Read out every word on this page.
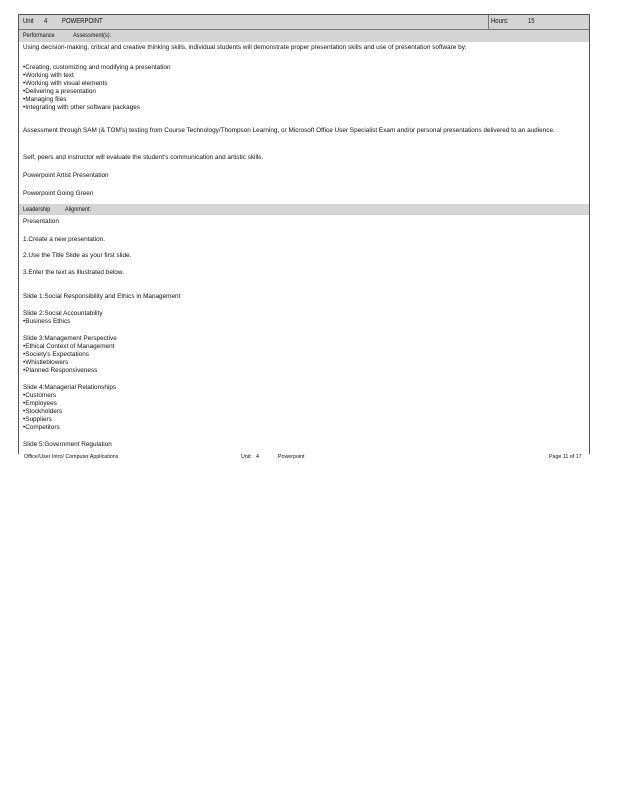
Unit 4 POWERPOINT	Hours:	15
Performance	Assessment(s):
Using decision-making, critical and creative thinking skills, individual students will demonstrate proper presentation skills and use of presentation software by:
•Creating, customizing and modifying a presentation
•Working with text
•Working with visual elements
•Delivering a presentation
•Managing files
•Integrating with other software packages
Assessment through SAM (& TOM's) testing from Course Technology/Thompson Learning, or Microsoft Office User Specialist Exam and/or personal presentations delivered to an audience.
Self, peers and instructor will evaluate the student's communication and artistic skills.
Powerpoint Artist Presentation
Powerpoint Going Green
Leadership Alignment:
Presentation
1.Create a new presentation.
2.Use the Title Slide as your first slide.
3.Enter the text as illustrated below.
Slide 1:Social Responsibility and Ethics in Management
Slide 2:Social Accountability
•Business Ethics
Slide 3:Management Perspective
•Ethical Context of Management
•Society's Expectations
•Whistleblowers
•Planned Responsiveness
Slide 4:Managerial Relationships
•Customers
•Employees
•Stockholders
•Suppliers
•Competitors
Slide 5:Government Regulation
Office/User Intro/ Computer Applications	Unit: 4	Powerpoint	Page 11 of 17
